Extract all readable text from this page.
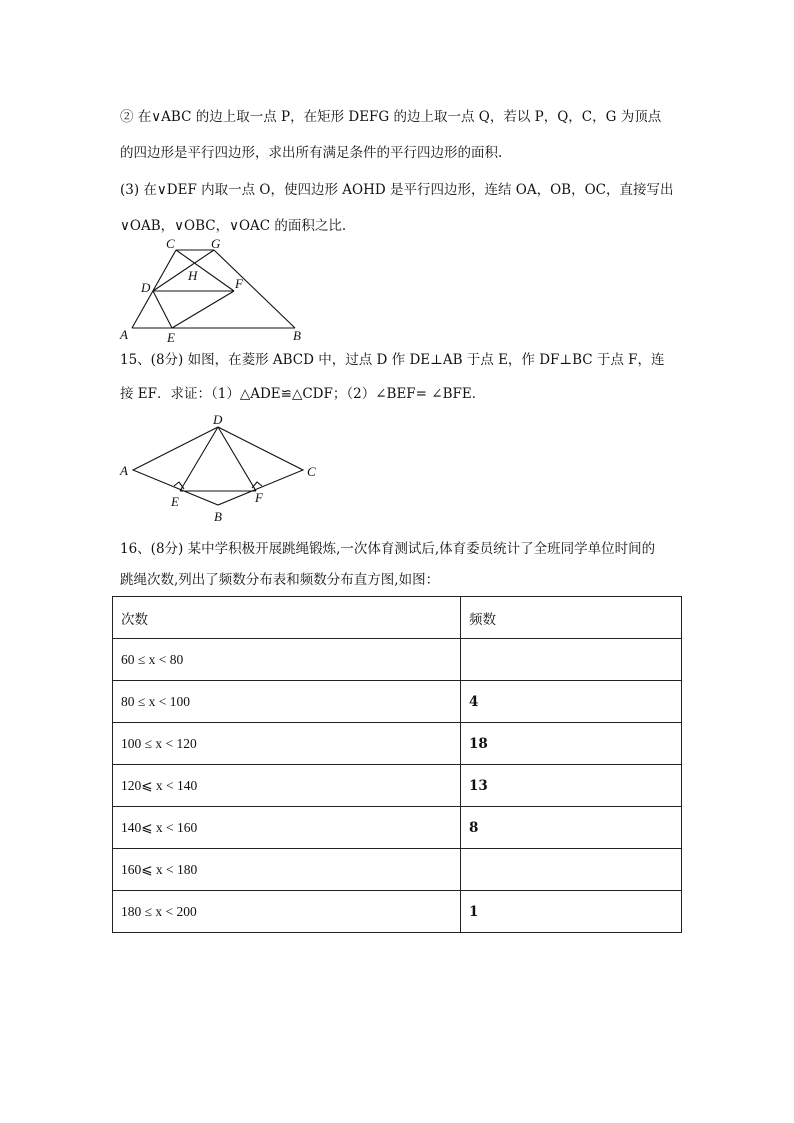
② 在∨ABC 的边上取一点 P，在矩形 DEFG 的边上取一点 Q，若以 P，Q，C，G 为顶点
的四边形是平行四边形，求出所有满足条件的平行四边形的面积.
(3) 在∨DEF 内取一点 O，使四边形 AOHD 是平行四边形，连结 OA，OB，OC，直接写出
∨OAB，∨OBC，∨OAC 的面积之比.
C	G
H
D	F
A	E	B
15、(8分) 如图，在菱形 ABCD 中，过点 D 作 DE⊥AB 于点 E，作 DF⊥BC 于点 F，连
接 EF．求证：（1）△ADE≌△CDF；（2）∠BEF= ∠BFE．
D
A	C
E	F
B
16、(8分) 某中学积极开展跳绳锻炼,一次体育测试后,体育委员统计了全班同学单位时间的
跳绳次数,列出了频数分布表和频数分布直方图,如图：
次数	频数
60 ≤ x < 80	
80 ≤ x < 100	4
100 ≤ x < 120	18
120⩽ x < 140	13
140⩽ x < 160	8
160⩽ x < 180	
180 ≤ x < 200	1
